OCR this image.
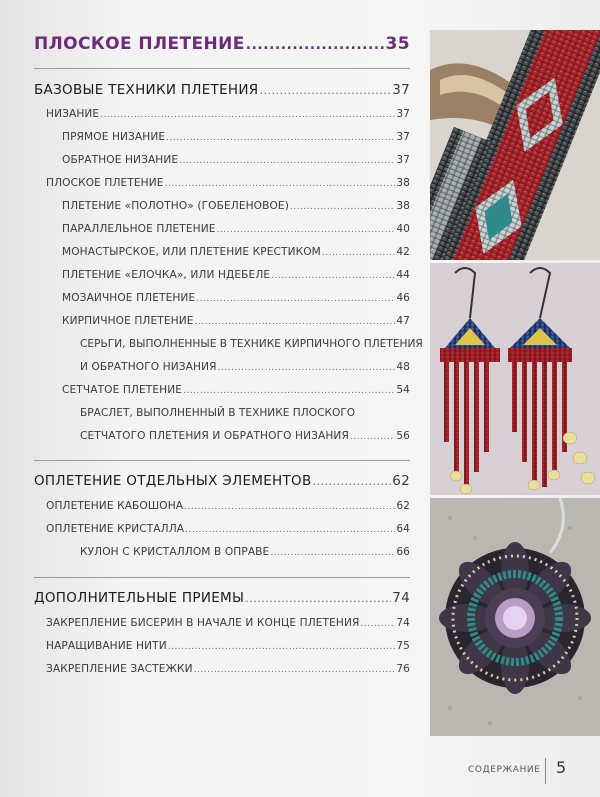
ПЛОСКОЕ ПЛЕТЕНИЕ .....	35
БАЗОВЫЕ ТЕХНИКИ ПЛЕТЕНИЯ .....	37
НИЗАНИЕ .....	37
ПРЯМОЕ НИЗАНИЕ .....	37
ОБРАТНОЕ НИЗАНИЕ .....	37
ПЛОСКОЕ ПЛЕТЕНИЕ .....	38
ПЛЕТЕНИЕ «ПОЛОТНО» (ГОБЕЛЕНОВОЕ) .....	38
ПАРАЛЛЕЛЬНОЕ ПЛЕТЕНИЕ .....	40
МОНАСТЫРСКОЕ, ИЛИ ПЛЕТЕНИЕ КРЕСТИКОМ .....	42
ПЛЕТЕНИЕ «ЕЛОЧКА», ИЛИ НДЕБЕЛЕ .....	44
МОЗАИЧНОЕ ПЛЕТЕНИЕ .....	46
КИРПИЧНОЕ ПЛЕТЕНИЕ .....	47
СЕРЬГИ, ВЫПОЛНЕННЫЕ В ТЕХНИКЕ КИРПИЧНОГО ПЛЕТЕНИЯ
И ОБРАТНОГО НИЗАНИЯ .....	48
СЕТЧАТОЕ ПЛЕТЕНИЕ .....	54
БРАСЛЕТ, ВЫПОЛНЕННЫЙ В ТЕХНИКЕ ПЛОСКОГО
СЕТЧАТОГО ПЛЕТЕНИЯ И ОБРАТНОГО НИЗАНИЯ .....	56
ОПЛЕТЕНИЕ ОТДЕЛЬНЫХ ЭЛЕМЕНТОВ .....	62
ОПЛЕТЕНИЕ КАБОШОНА .....	62
ОПЛЕТЕНИЕ КРИСТАЛЛА .....	64
КУЛОН С КРИСТАЛЛОМ В ОПРАВЕ .....	66
ДОПОЛНИТЕЛЬНЫЕ ПРИЕМЫ .....	74
ЗАКРЕПЛЕНИЕ БИСЕРИН В НАЧАЛЕ И КОНЦЕ ПЛЕТЕНИЯ .....	74
НАРАЩИВАНИЕ НИТИ .....	75
ЗАКРЕПЛЕНИЕ ЗАСТЕЖКИ .....	76
СОДЕРЖАНИЕ 5
